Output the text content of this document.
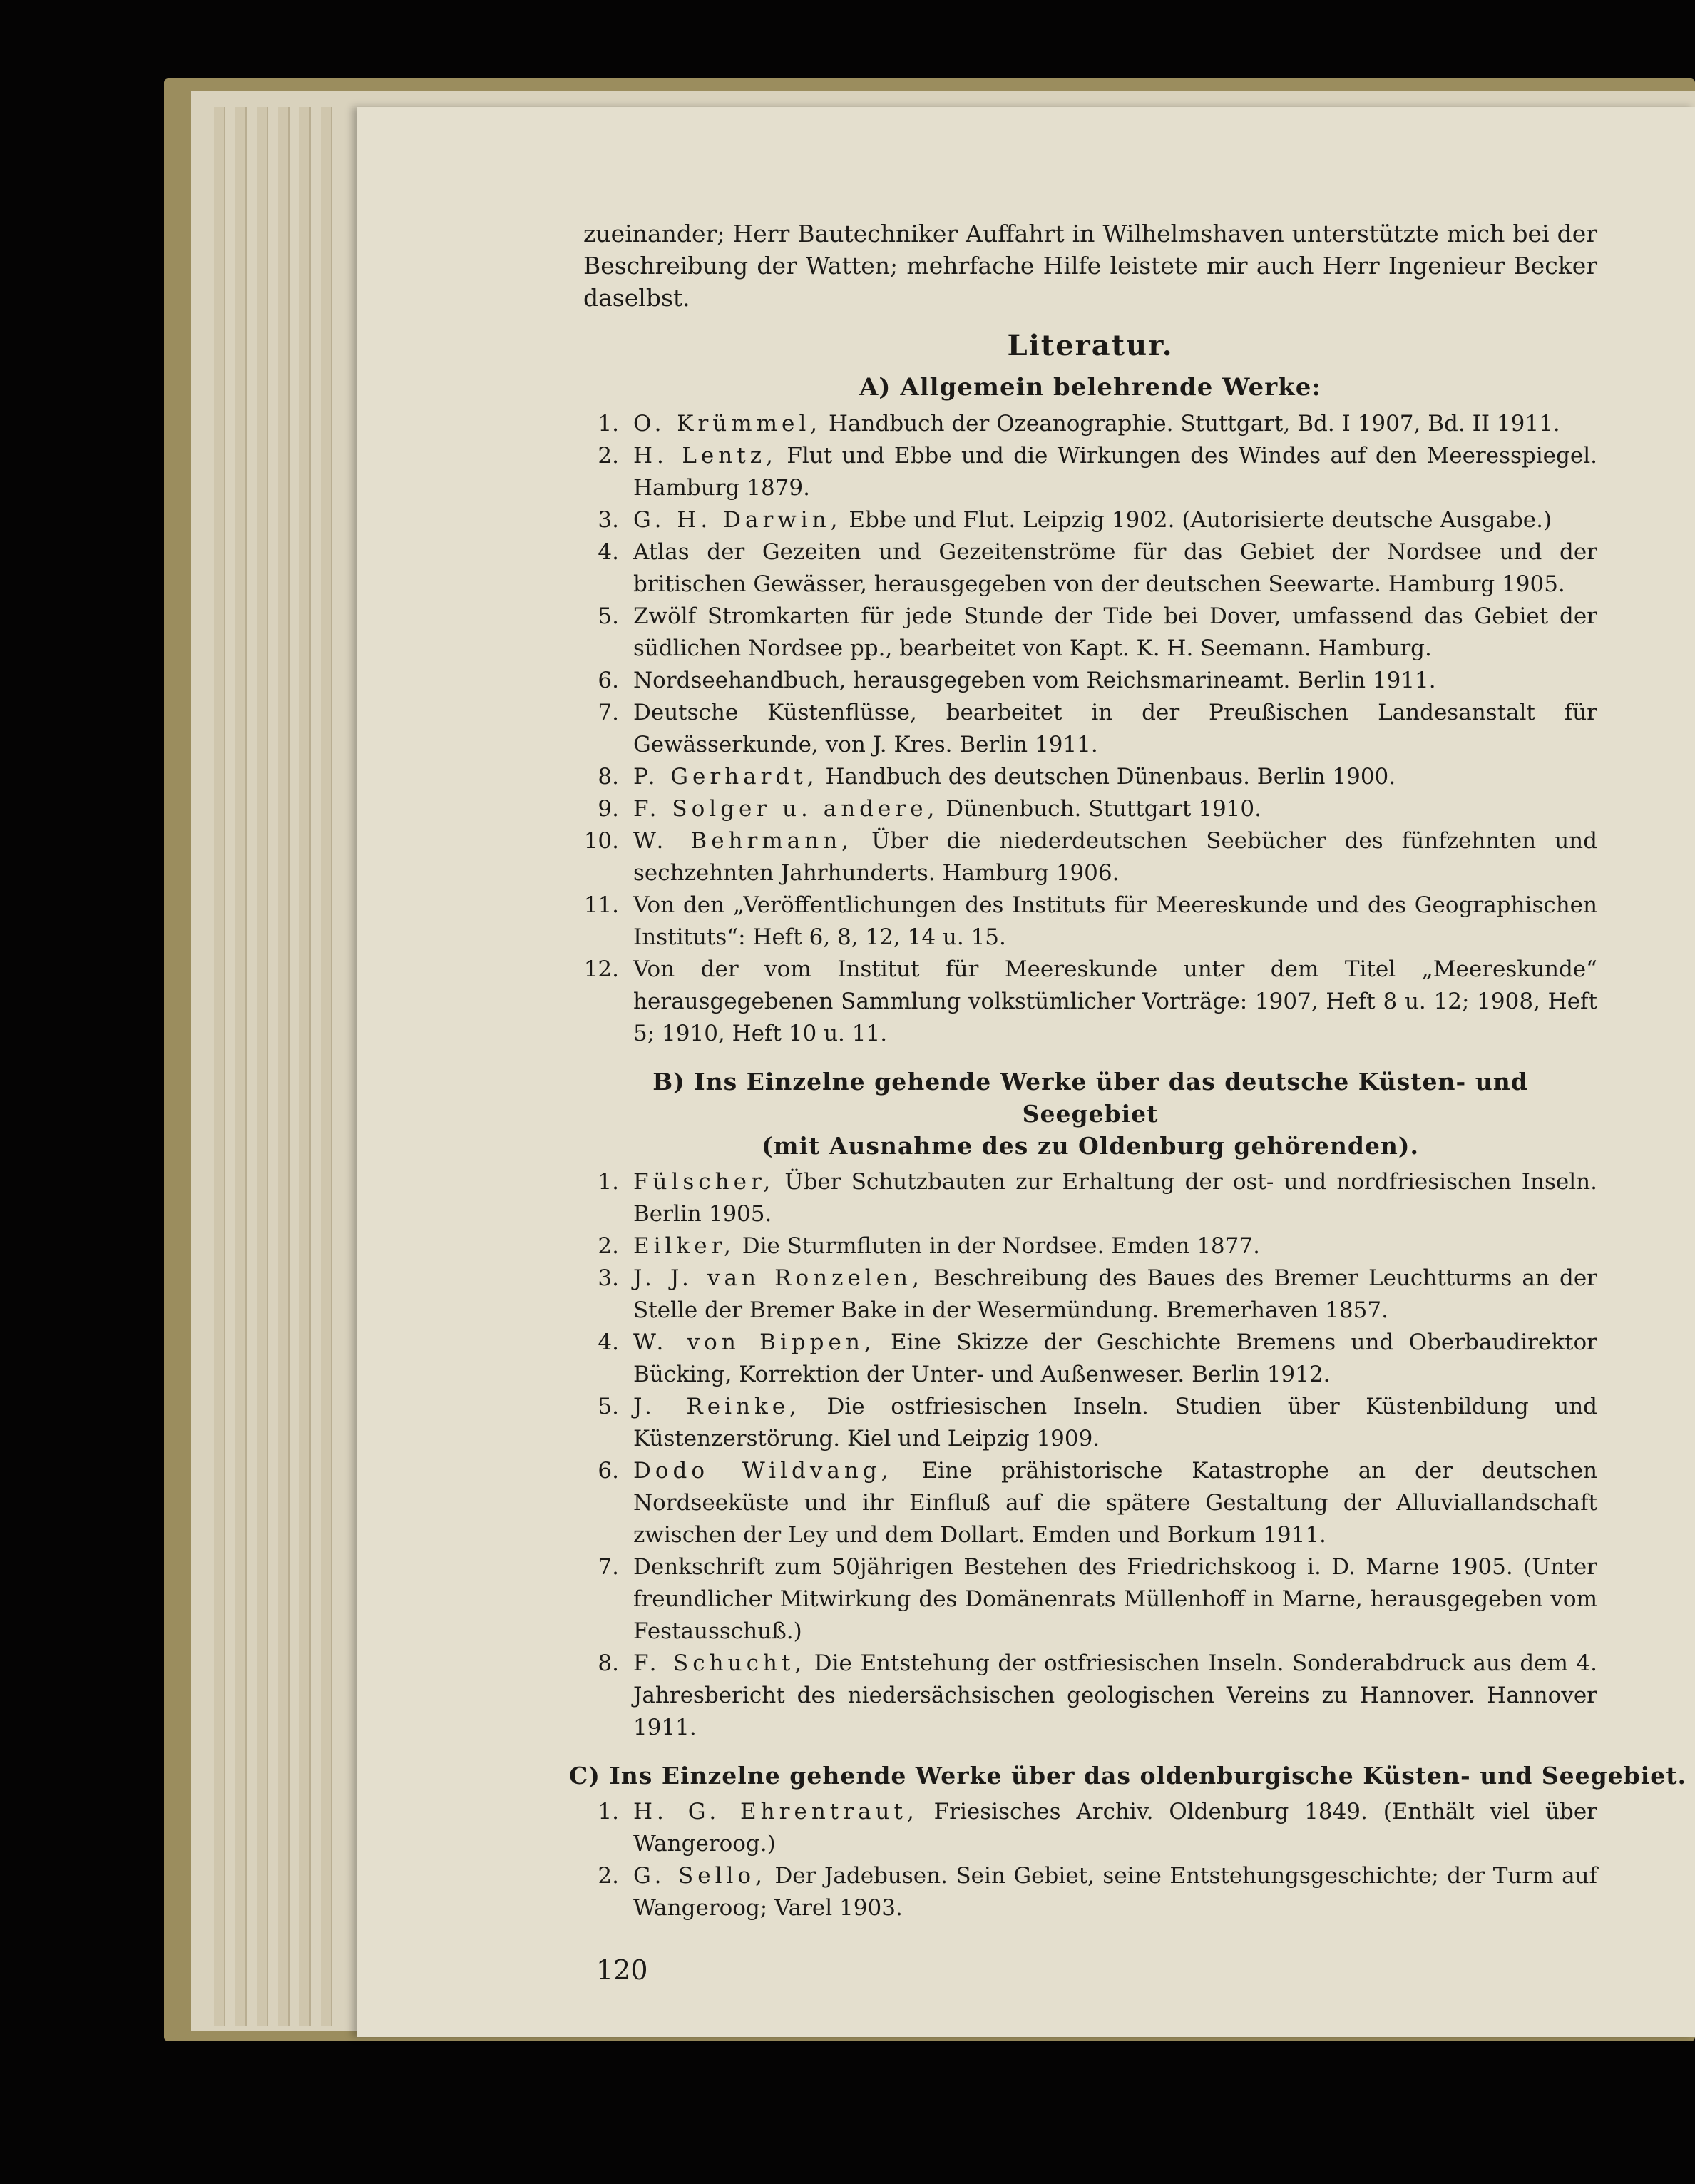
zueinander; Herr Bautechniker Auffahrt in Wilhelmshaven unterstützte mich bei der Beschreibung der Watten; mehrfache Hilfe leistete mir auch Herr Ingenieur Becker daselbst.

Literatur.
A) Allgemein belehrende Werke:
1. O. Krümmel, Handbuch der Ozeanographie. Stuttgart, Bd. I 1907, Bd. II 1911.
2. H. Lentz, Flut und Ebbe und die Wirkungen des Windes auf den Meeresspiegel. Hamburg 1879.
3. G. H. Darwin, Ebbe und Flut. Leipzig 1902. (Autorisierte deutsche Ausgabe.)
4. Atlas der Gezeiten und Gezeitenströme für das Gebiet der Nordsee und der britischen Gewässer, herausgegeben von der deutschen Seewarte. Hamburg 1905.
5. Zwölf Stromkarten für jede Stunde der Tide bei Dover, umfassend das Gebiet der südlichen Nordsee pp., bearbeitet von Kapt. K. H. Seemann. Hamburg.
6. Nordseehandbuch, herausgegeben vom Reichsmarineamt. Berlin 1911.
7. Deutsche Küstenflüsse, bearbeitet in der Preußischen Landesanstalt für Gewässerkunde, von J. Kres. Berlin 1911.
8. P. Gerhardt, Handbuch des deutschen Dünenbaus. Berlin 1900.
9. F. Solger u. andere, Dünenbuch. Stuttgart 1910.
10. W. Behrmann, Über die niederdeutschen Seebücher des fünfzehnten und sechzehnten Jahrhunderts. Hamburg 1906.
11. Von den „Veröffentlichungen des Instituts für Meereskunde und des Geographischen Instituts“: Heft 6, 8, 12, 14 u. 15.
12. Von der vom Institut für Meereskunde unter dem Titel „Meereskunde“ herausgegebenen Sammlung volkstümlicher Vorträge: 1907, Heft 8 u. 12; 1908, Heft 5; 1910, Heft 10 u. 11.
B) Ins Einzelne gehende Werke über das deutsche Küsten- und Seegebiet
(mit Ausnahme des zu Oldenburg gehörenden).
1. Fülscher, Über Schutzbauten zur Erhaltung der ost- und nordfriesischen Inseln. Berlin 1905.
2. Eilker, Die Sturmfluten in der Nordsee. Emden 1877.
3. J. J. van Ronzelen, Beschreibung des Baues des Bremer Leuchtturms an der Stelle der Bremer Bake in der Wesermündung. Bremerhaven 1857.
4. W. von Bippen, Eine Skizze der Geschichte Bremens und Oberbaudirektor Bücking, Korrektion der Unter- und Außenweser. Berlin 1912.
5. J. Reinke, Die ostfriesischen Inseln. Studien über Küstenbildung und Küstenzerstörung. Kiel und Leipzig 1909.
6. Dodo Wildvang, Eine prähistorische Katastrophe an der deutschen Nordseeküste und ihr Einfluß auf die spätere Gestaltung der Alluviallandschaft zwischen der Ley und dem Dollart. Emden und Borkum 1911.
7. Denkschrift zum 50jährigen Bestehen des Friedrichskoog i. D. Marne 1905. (Unter freundlicher Mitwirkung des Domänenrats Müllenhoff in Marne, herausgegeben vom Festausschuß.)
8. F. Schucht, Die Entstehung der ostfriesischen Inseln. Sonderabdruck aus dem 4. Jahresbericht des niedersächsischen geologischen Vereins zu Hannover. Hannover 1911.
C) Ins Einzelne gehende Werke über das oldenburgische Küsten- und Seegebiet.
1. H. G. Ehrentraut, Friesisches Archiv. Oldenburg 1849. (Enthält viel über Wangeroog.)
2. G. Sello, Der Jadebusen. Sein Gebiet, seine Entstehungsgeschichte; der Turm auf Wangeroog; Varel 1903.
120
